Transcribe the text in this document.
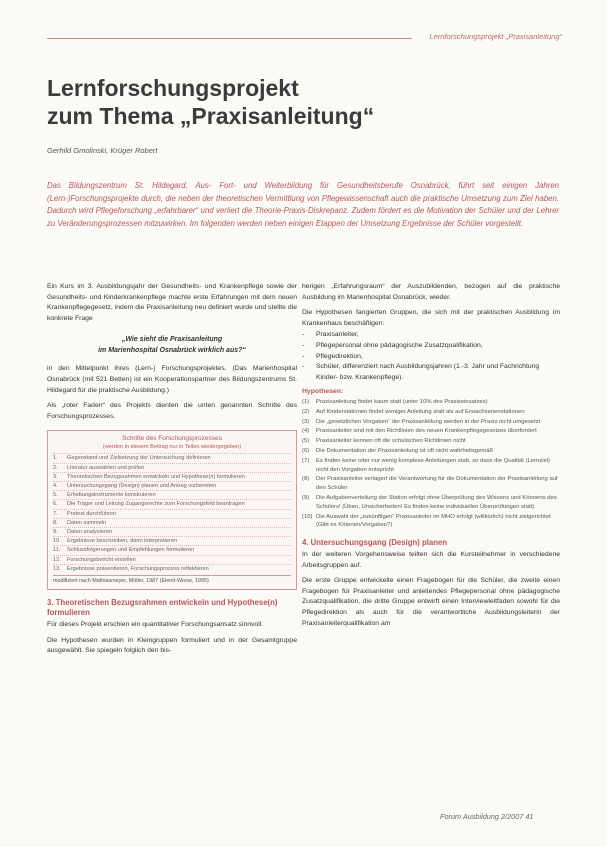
Lernforschungsprojekt „Praxisanleitung“
Lernforschungsprojekt
zum Thema „Praxisanleitung“
Gerhild Gmolinski, Krüger Robert
Das Bildungszentrum St. Hildegard, Aus- Fort- und Weiterbildung für Gesundheitsberufe Osnabrück, führt seit einigen Jahren (Lern-)Forschungsprojekte durch, die neben der theoretischen Vermittlung von Pflegewissenschaft auch die praktische Umsetzung zum Ziel haben. Dadurch wird Pflegeforschung „erfahrbarer“ und verliert die Theorie-Praxis-Diskrepanz. Zudem fördert es die Motivation der Schüler und der Lehrer zu Veränderungsprozessen mitzuwirken. Im folgenden werden neben einigen Etappen der Umsetzung Ergebnisse der Schüler vorgestellt.

Ein Kurs im 3. Ausbildungsjahr der Gesundheits- und Krankenpflege sowie der Gesundheits- und Kinderkrankenpflege machte erste Erfahrungen mit dem neuen Krankenpflegegesetz, indem die Praxisanleitung neu definiert wurde und stellte die konkrete Frage

„Wie sieht die Praxisanleitung
im Marienhospital Osnabrück wirklich aus?“

in den Mittelpunkt ihres (Lern-) Forschungsprojektes. (Das Marienhospital Osnabrück (mit 521 Betten) ist ein Kooperationspartner des Bildungszentrums St. Hildegard für die praktische Ausbildung.)

Als „roter Faden“ des Projekts dienten die unten genannten Schritte des Forschungsprozesses.

Schritte des Forschungsprozesses
(werden in diesem Beitrag nur in Teilen wiedergegeben)
1.	Gegenstand und Zielsetzung der Untersuchung definieren
2.	Literatur auswählen und prüfen
3.	Theoretischen Bezugsrahmen entwickeln und Hypothese(n) formulieren
4.	Untersuchungsgang (Design) planen und Antrag vorbereiten
5.	Erhebungsinstrumente konstruieren
6.	Die Träger und Leitung Zugangsrechte zum Forschungsfeld beantragen
7.	Pretest durchführen
8.	Daten sammeln
9.	Daten analysieren
10.	Ergebnisse beschreiben, dann interpretieren
11.	Schlussfolgerungen und Empfehlungen formulieren
12.	Forschungsbericht erstellen
13.	Ergebnisse präsentieren, Forschungsprozess reflektieren
modifiziert nach Mathiasmeyer, Müller, 1987 (Elend-Wiese, 1995)
3. Theoretischen Bezugsrahmen entwickeln und Hypothese(n) formulieren

Für dieses Projekt erschien ein quantitativer Forschungsansatz sinnvoll.

Die Hypothesen wurden in Kleingruppen formuliert und in der Gesamtgruppe ausgewählt. Sie spiegeln folglich den bis-

herigen „Erfahrungsraum“ der Auszubildenden, bezogen auf die praktische Ausbildung im Marienhospital Osnabrück, wieder.

Die Hypothesen fangierten Gruppen, die sich mit der praktischen Ausbildung im Krankenhaus beschäftigen:

-	Praxisanleiter,
-	Pflegepersonal ohne pädagogische Zusatzqualifikation,
-	Pflegedirektion,
-	Schüler, differenziert nach Ausbildungsjahren (1.-3. Jahr und Fachrichtung Kinder- bzw. Krankenpflege).
Hypothesen:
(1)	Praxisanleitung findet kaum statt (unter 10% des Praxiseinsatzes)
(2)	Auf Kinderstationen findet weniger Anleitung statt als auf Erwachsenenstationen
(3)	Die „gesetzlichen Vorgaben“ der Praxisanleitung werden in der Praxis nicht umgesetzt
(4)	Praxisanleiter sind mit den Richtlinien des neuen Krankenpflegegesetzes überfordert
(5)	Praxisanleiter kennen oft die schulischen Richtlinien nicht
(6)	Die Dokumentation der Praxisanleitung ist oft nicht wahrheitsgemäß
(7)	Es finden keine oder nur wenig komplexe Anleitungen statt, so dass die Qualität (Lernziel) nicht den Vorgaben entspricht
(8)	Der Praxisanleiter verlagert die Verantwortung für die Dokumentation der Praxisanleitung auf den Schüler
(9)	Die Aufgabenverteilung der Station erfolgt ohne Überprüfung des Wissens und Könnens des Schülers! (Üben, Unsicherheiten! Es finden keine individuellen Überprüfungen statt)
(10) Die Auswahl der „zukünftigen“ Praxisanleiter im MHO erfolgt (willkürlich) nicht zielgerichtet (Gibt es Kriterien/Vorgaben?)
4. Untersuchungsgang (Design) planen

In der weiteren Vorgehensweise teilten sich die Kursteilnehmer in verschiedene Arbeitsgruppen auf.

Die erste Gruppe entwickelte einen Fragebogen für die Schüler, die zweite einen Fragebogen für Praxisanleiter und anleitendes Pflegepersonal ohne pädagogische Zusatzqualifikation, die dritte Gruppe entwirft einen Interviewleitfaden sowohl für die Pflegedirektion als auch für die verantwortliche Ausbildungsleiterin der Praxisanleiterqualifikation am

Forum Ausbildung 2/2007 41
